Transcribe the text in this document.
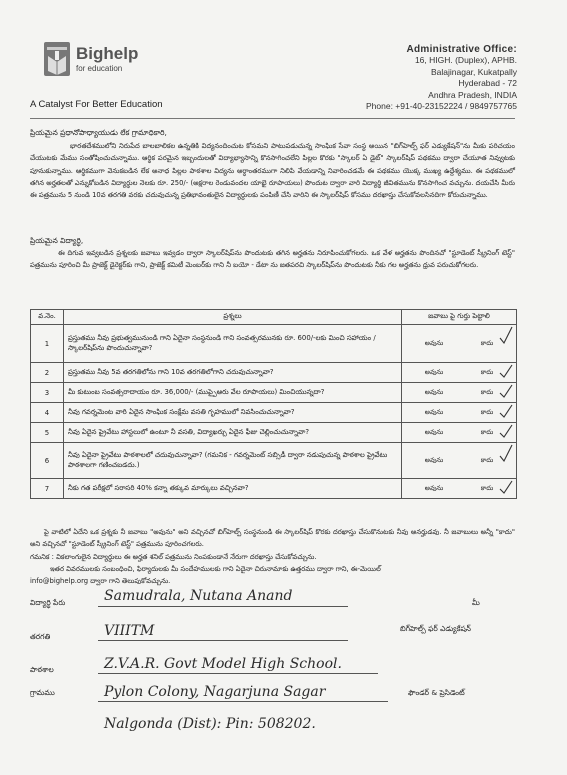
Bighelp
for education
A Catalyst For Better Education
Administrative Office:
16, HIGH. (Duplex), APHB.
Balajinagar, Kukatpally
Hyderabad - 72
Andhra Pradesh, INDIA
Phone: +91-40-23152224 / 9849757765
ప్రియమైన ప్రధానోపాధ్యాయుడు లేక గ్రామాధికారి,
భారతదేశములోని నిరుపేద బాలబాలికల ఉన్నతికి విద్యనందించుట కోసమని పాటుపడుచున్న సాంఘిక సేవా సంస్థ అయిన "బిగ్‌హెల్ప్ ఫర్ ఎడ్యుకేషన్"ను మీకు పరిచయం చేయుటకు మేము సంతోషించుచున్నాము. ఆర్థిక పరమైన ఇబ్బందులతో విద్యాభ్యాసాన్ని కొనసాగించలేని పిల్లల కొరకు "స్కాలర్ ఏ డైట్" స్కాలర్‌షిప్ పథకము ద్వారా చేయూత నివ్వుటకు పూనుకున్నాము. ఆర్థికముగా వెనుకబడిన లేక అనాధ పిల్లల పాఠశాల విద్యను అర్ధాంతరముగా నిలిపి వేయడాన్ని నివారించడమే ఈ పథకము యొక్క ముఖ్య ఉద్దేశ్యము. ఈ పథకములో తగిన అర్హతలతో ఎన్నుకోబడిన విద్యార్థుల నెలకు రూ. 250/- (అక్షరాల రెండువందల యాభై రూపాయలు) పొందుట ద్వారా వారి విద్యార్థి జీవితమును కొనసాగించ వచ్చును. దయచేసి మీరు ఈ పత్రమును 5 నుండి 10వ తరగతి వరకు చదువుచున్న ప్రతిభావంతులైన విద్యార్థులకు పంపిణీ చేసి వారిని ఈ స్కాలర్‌షిప్ కోసము దరఖాస్తు చేసుకోవలసినదిగా కోరుచున్నాము.
ప్రియమైన విద్యార్థి,
ఈ దిగువ ఇవ్వబడిన ప్రశ్నలకు జవాబు ఇవ్వడం ద్వారా స్కాలర్‌షిప్‌ను పొందుటకు తగిన అర్హతను నిరూపించుకోగలరు. ఒక వేళ అర్హతను పొందినచో "స్టూడెంట్ స్క్రీనింగ్ టెస్ట్" పత్రమును పూరించి మీ ప్రాజెక్ట్ డైరెక్టర్‌కు గాని, ప్రాజెక్ట్ కమిటీ మెంబర్‌కు గాని నీ బయో - డేటా ను జతపరచి స్కాలర్‌షిప్‌ను పొందుటకు నీకు గల అర్హతను ధ్రువ పరుచుకోగలరు.
వ.నెం.	ప్రశ్నలు	జవాబు పై గుర్తు పెట్టాలి
1	ప్రస్తుతము నీవు ప్రభుత్వమునుండి గాని ఏదైనా సంస్థనుండి గాని సంవత్సరమునకు రూ. 600/-లకు మించి సహాయం / స్కాలర్‌షిప్‌ను పొందుచున్నావా?	అవును కాదు

2	ప్రస్తుతము నీవు 5వ తరగతిలోను గాని 10వ తరగతిలోగాని చదువుచున్నావా?	అవును కాదు

3	మీ కుటుంబ సంవత్సరాదాయం రూ. 36,000/- (ముప్పైఆరు వేల రూపాయలు) మించియున్నదా?	అవును కాదు

4	నీవు గవర్నమెంట వారి ఏదైన సాంఘిక సంక్షేమ వసతి గృహములో నివసించుచున్నావా?	అవును కాదు

5	నీవు ఏదైన ప్రైవేటు హాస్టలులో ఉంటూ నీ వసతి, విద్యాఖర్చు ఏదైన ఫీజు చెల్లించుచున్నావా?	అవును కాదు

6	నీవు ఏదైనా ప్రైవేటు పాఠశాలలో చదువుచున్నావా? (గమనిక - గవర్నమెంట్ సబ్సిడీ ద్వారా నడుపుచున్న పాఠశాల ప్రైవేటు పాఠశాలగా గణించబడదు.)	అవును కాదు

7	నీకు గత పరీక్షలో సరాసరి 40% కన్నా తక్కువ మార్కులు వచ్చినవా?	అవును కాదు
పై వాటిలో ఏదేని ఒక ప్రశ్నకు నీ జవాబు "అవును" అని వచ్చినచో బిగ్‌హెల్ప్ సంస్థనుండి ఈ స్కాలర్‌షిప్ కొరకు దరఖాస్తు చేసుకొనుటకు నీవు అనర్హుడవు. నీ జవాబులు అన్నీ "కాదు" అని వచ్చినచో "స్టూడెంట్ స్క్రీనింగ్ టెస్ట్" పత్రమును పూరించగలరు.
గమనిక : వికలాంగులైన విద్యార్థులు ఈ అర్హత శనిల్ పత్రమును నింపకుండానే నేరుగా దరఖాస్తు చేసుకోవచ్చును.
ఇతర వివరములకు సంబంధించి, ఫిర్యాదులకు మీ సందేహములకు గాని ఏదైనా చిరునామాకు ఉత్తరము ద్వారా గాని, ఈ-మెయిల్
info@bighelp.org ద్వారా గాని తెలుపుకోవచ్చును.
విద్యార్థి పేరు	Samudrala, Nutana Anand
తరగతి	VIIITM
పాఠశాల	Z.V.A.R. Govt Model High School.
గ్రామము	Pylon Colony, Nagarjuna Sagar
Nalgonda (Dist): Pin: 508202.
మీ
బిగ్‌హెల్ప్ ఫర్ ఎడ్యుకేషన్
ఫౌండర్ & ప్రెసిడెంట్
